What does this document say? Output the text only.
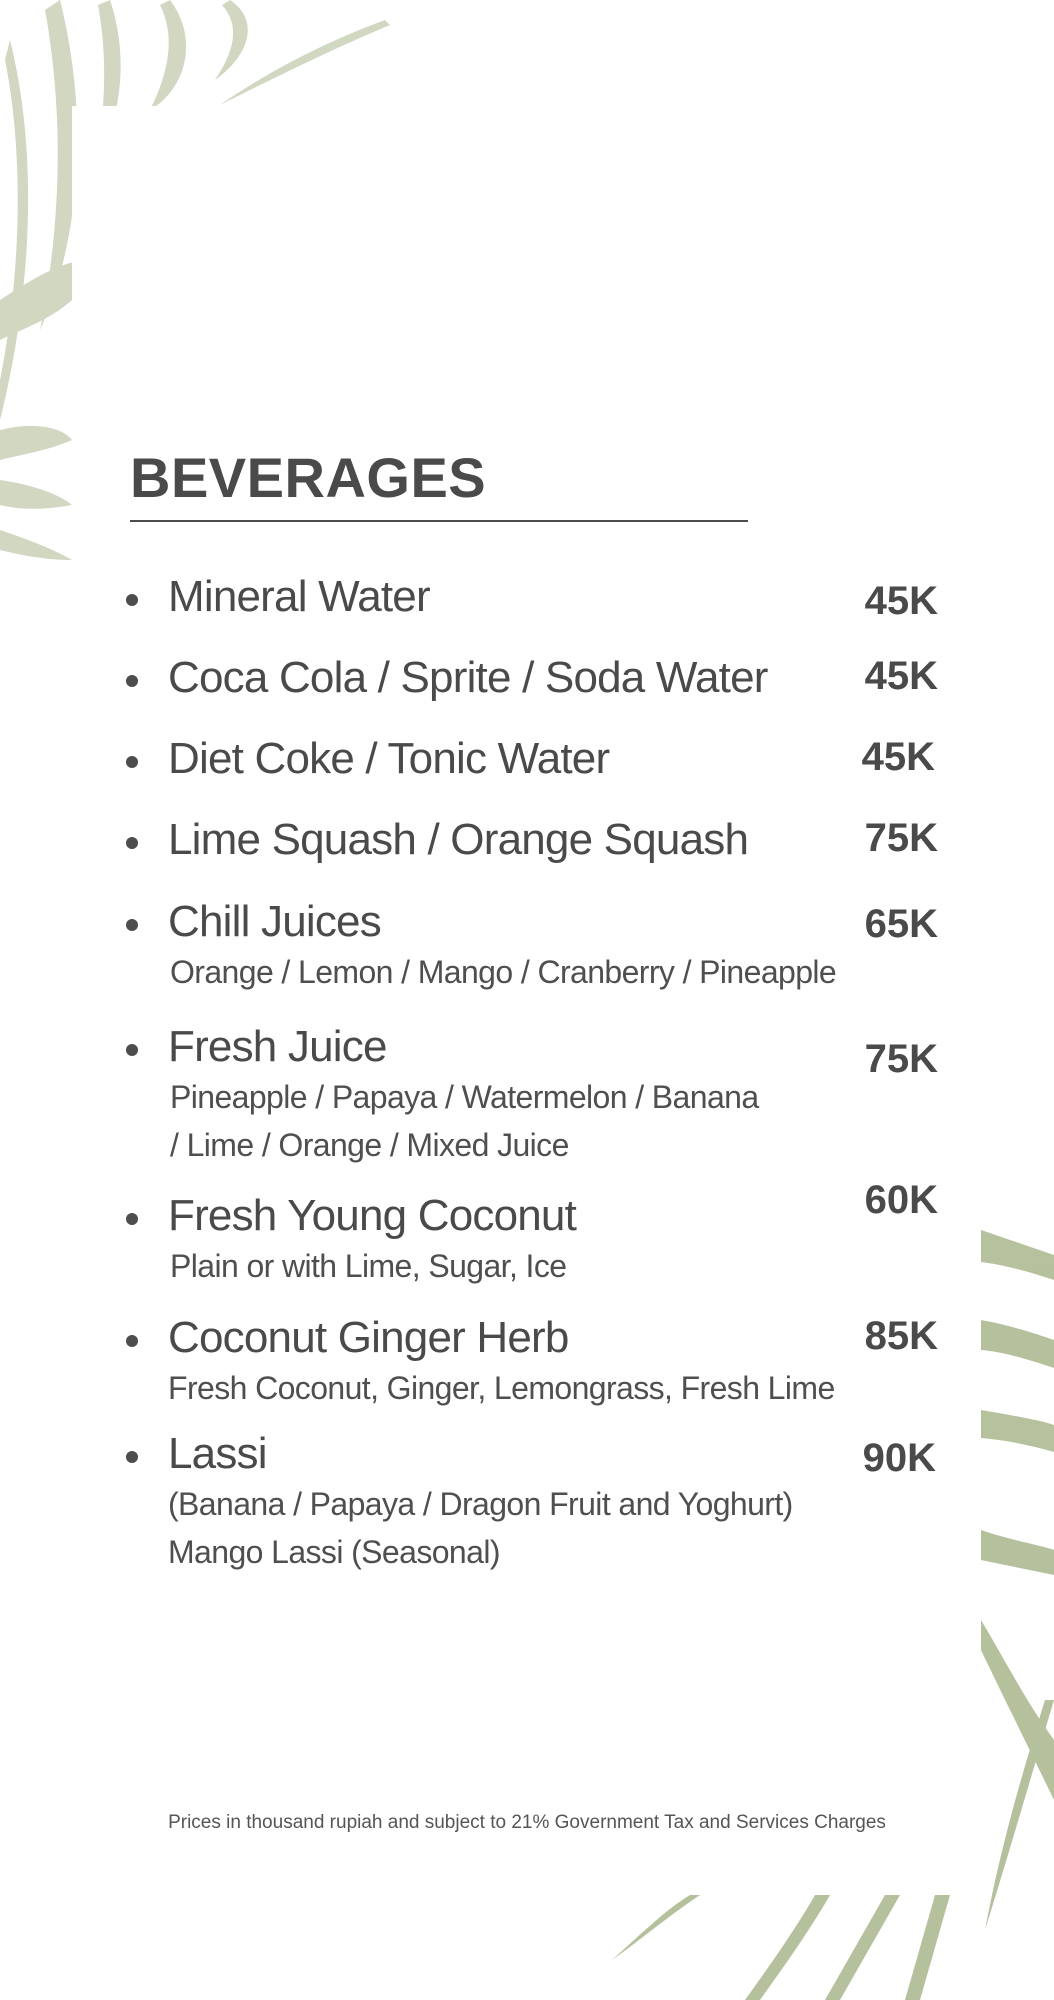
BEVERAGES
Mineral Water	45K
Coca Cola / Sprite / Soda Water 45K
Diet Coke / Tonic Water	45K
Lime Squash / Orange Squash	75K
Chill Juices	65K
Orange / Lemon / Mango / Cranberry / Pineapple
Fresh Juice	75K
Pineapple / Papaya / Watermelon / Banana
/ Lime / Orange / Mixed Juice
Fresh Young Coconut	60K
Plain or with Lime, Sugar, Ice
Coconut Ginger Herb	85K
Fresh Coconut, Ginger, Lemongrass, Fresh Lime
Lassi	90K
(Banana / Papaya / Dragon Fruit and Yoghurt)
Mango Lassi (Seasonal)
Prices in thousand rupiah and subject to 21% Government Tax and Services Charges
